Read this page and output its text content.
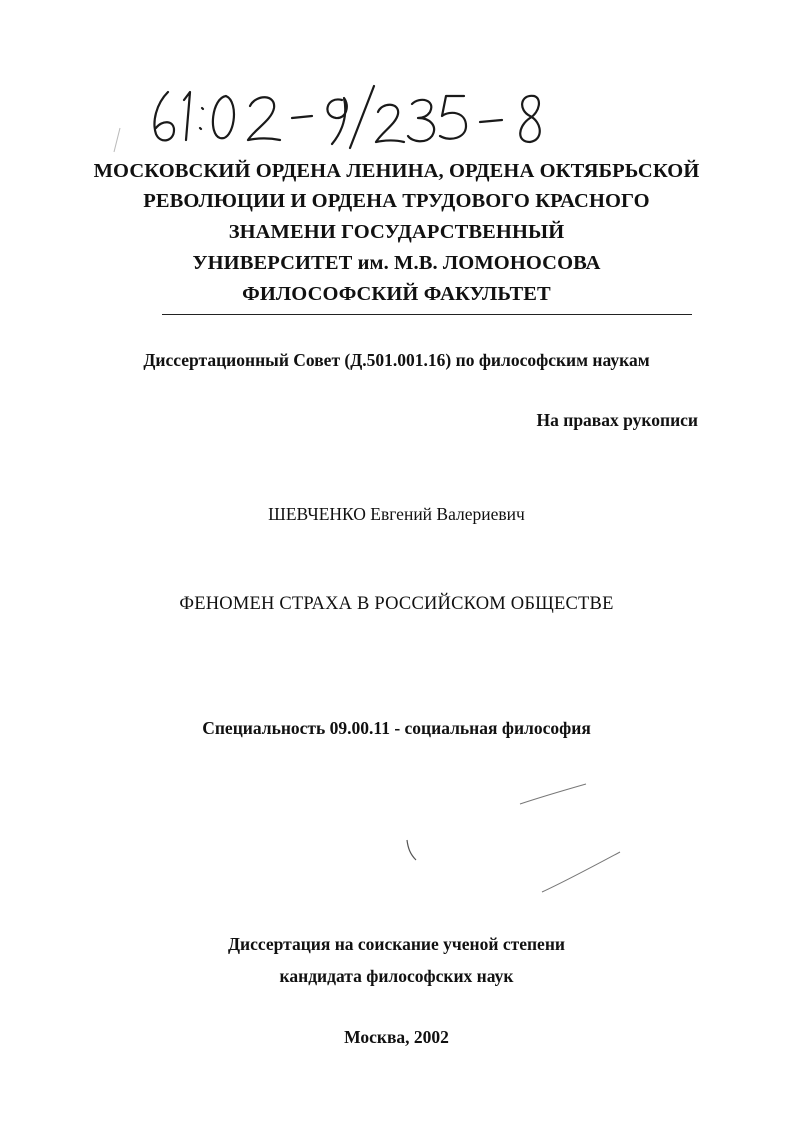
МОСКОВСКИЙ ОРДЕНА ЛЕНИНА, ОРДЕНА ОКТЯБРЬСКОЙ
РЕВОЛЮЦИИ И ОРДЕНА ТРУДОВОГО КРАСНОГО
ЗНАМЕНИ ГОСУДАРСТВЕННЫЙ
УНИВЕРСИТЕТ им. М.В. ЛОМОНОСОВА
ФИЛОСОФСКИЙ ФАКУЛЬТЕТ
Диссертационный Совет (Д.501.001.16) по философским наукам
На правах рукописи
ШЕВЧЕНКО Евгений Валериевич
ФЕНОМЕН СТРАХА В РОССИЙСКОМ ОБЩЕСТВЕ
Специальность 09.00.11 - социальная философия
Диссертация на соискание ученой степени
кандидата философских наук
Москва, 2002
